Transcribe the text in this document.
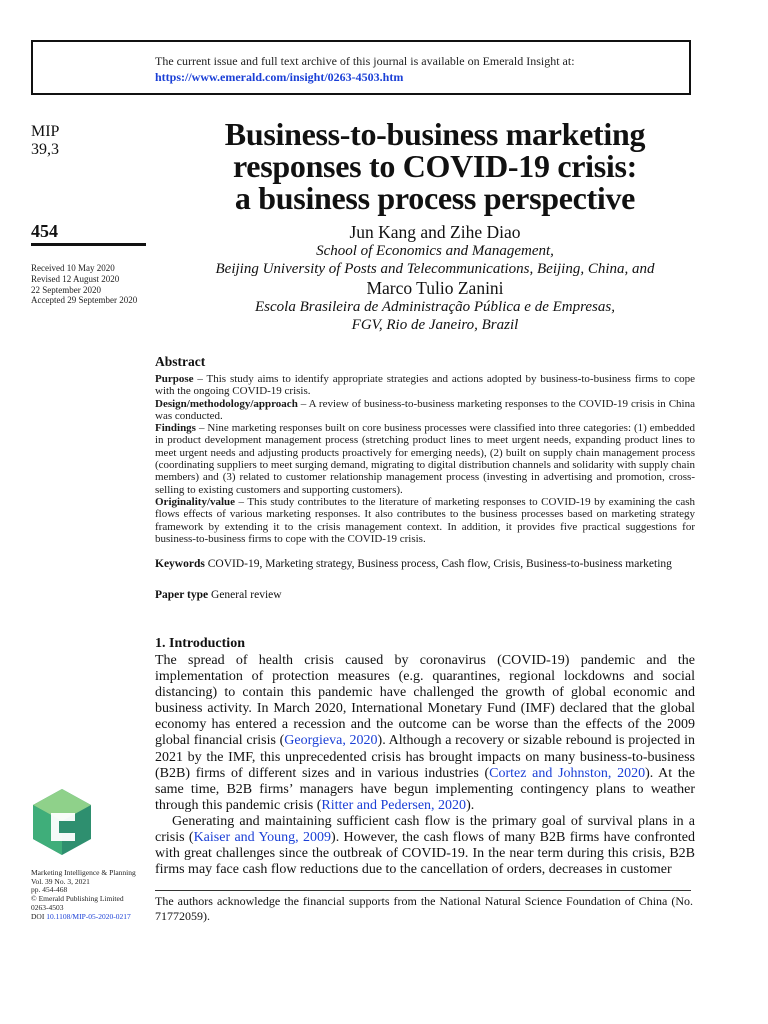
The current issue and full text archive of this journal is available on Emerald Insight at:
https://www.emerald.com/insight/0263-4503.htm
MIP
39,3
454
Received 10 May 2020
Revised 12 August 2020
22 September 2020
Accepted 29 September 2020
Business-to-business marketing
responses to COVID-19 crisis:
a business process perspective
Jun Kang and Zihe Diao
School of Economics and Management,
Beijing University of Posts and Telecommunications, Beijing, China, and
Marco Tulio Zanini
Escola Brasileira de Administração Pública e de Empresas,
FGV, Rio de Janeiro, Brazil
Abstract

Purpose – This study aims to identify appropriate strategies and actions adopted by business-to-business firms to cope with the ongoing COVID-19 crisis.

Design/methodology/approach – A review of business-to-business marketing responses to the COVID-19 crisis in China was conducted.

Findings – Nine marketing responses built on core business processes were classified into three categories: (1) embedded in product development management process (stretching product lines to meet urgent needs, expanding product lines to meet urgent needs and adjusting products proactively for emerging needs), (2) built on supply chain management process (coordinating suppliers to meet surging demand, migrating to digital distribution channels and solidarity with supply chain members) and (3) related to customer relationship management process (investing in advertising and promotion, cross-selling to existing customers and supporting customers).

Originality/value – This study contributes to the literature of marketing responses to COVID-19 by examining the cash flows effects of various marketing responses. It also contributes to the business processes based on marketing strategy framework by extending it to the crisis management context. In addition, it provides five practical suggestions for business-to-business firms to cope with the COVID-19 crisis.

Keywords COVID-19, Marketing strategy, Business process, Cash flow, Crisis, Business-to-business marketing
Paper type General review
1. Introduction

The spread of health crisis caused by coronavirus (COVID-19) pandemic and the implementation of protection measures (e.g. quarantines, regional lockdowns and social distancing) to contain this pandemic have challenged the growth of global economic and business activity. In March 2020, International Monetary Fund (IMF) declared that the global economy has entered a recession and the outcome can be worse than the effects of the 2009 global financial crisis (Georgieva, 2020). Although a recovery or sizable rebound is projected in 2021 by the IMF, this unprecedented crisis has brought impacts on many business-to-business (B2B) firms of different sizes and in various industries (Cortez and Johnston, 2020). At the same time, B2B firms’ managers have begun implementing contingency plans to weather through this pandemic crisis (Ritter and Pedersen, 2020).

Generating and maintaining sufficient cash flow is the primary goal of survival plans in a crisis (Kaiser and Young, 2009). However, the cash flows of many B2B firms have confronted with great challenges since the outbreak of COVID-19. In the near term during this crisis, B2B firms may face cash flow reductions due to the cancellation of orders, decreases in customer

The authors acknowledge the financial supports from the National Natural Science Foundation of China (No. 71772059).
Marketing Intelligence & Planning
Vol. 39 No. 3, 2021
pp. 454-468
© Emerald Publishing Limited
0263-4503
DOI 10.1108/MIP-05-2020-0217
